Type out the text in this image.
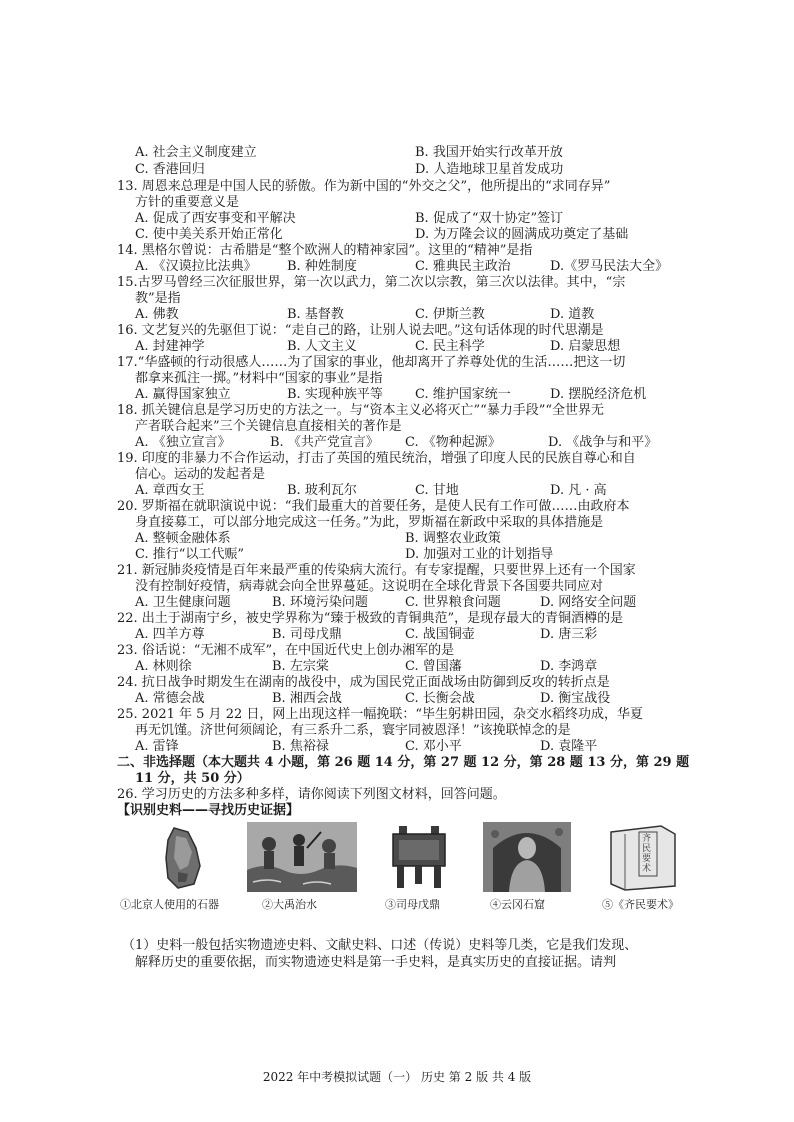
A. 社会主义制度建立	B. 我国开始实行改革开放
C. 香港回归	D. 人造地球卫星首发成功
13. 周恩来总理是中国人民的骄傲。作为新中国的“外交之父”，他所提出的“求同存异”
方针的重要意义是
A. 促成了西安事变和平解决	B. 促成了“双十协定”签订
C. 使中美关系开始正常化	D. 为万隆会议的圆满成功奠定了基础
14. 黑格尔曾说：古希腊是“整个欧洲人的精神家园”。这里的“精神”是指
A. 《汉谟拉比法典》 B. 种姓制度	C. 雅典民主政治	D.《罗马民法大全》
15.古罗马曾经三次征服世界，第一次以武力，第二次以宗教，第三次以法律。其中，“宗
教”是指
A. 佛教	B. 基督教	C. 伊斯兰教	D. 道教
16. 文艺复兴的先驱但丁说：“走自己的路，让别人说去吧。”这句话体现的时代思潮是
A. 封建神学	B. 人文主义	C. 民主科学	D. 启蒙思想
17.“华盛顿的行动很感人……为了国家的事业，他却离开了养尊处优的生活……把这一切
都拿来孤注一掷。”材料中“国家的事业”是指
A. 赢得国家独立	B. 实现种族平等 C. 维护国家统一	D. 摆脱经济危机
18. 抓关键信息是学习历史的方法之一。与“资本主义必将灭亡”“暴力手段”“全世界无
产者联合起来”三个关键信息直接相关的著作是
A. 《独立宣言》	B. 《共产党宣言》 C. 《物种起源》	D. 《战争与和平》
19. 印度的非暴力不合作运动，打击了英国的殖民统治，增强了印度人民的民族自尊心和自
信心。运动的发起者是
A. 章西女王	B. 玻利瓦尔	C. 甘地	D. 凡 · 高
20. 罗斯福在就职演说中说：“我们最重大的首要任务，是使人民有工作可做……由政府本
身直接募工，可以部分地完成这一任务。”为此，罗斯福在新政中采取的具体措施是
A. 整顿金融体系	B. 调整农业政策
C. 推行“以工代赈”	D. 加强对工业的计划指导
21. 新冠肺炎疫情是百年来最严重的传染病大流行。有专家提醒，只要世界上还有一个国家
没有控制好疫情，病毒就会向全世界蔓延。这说明在全球化背景下各国要共同应对
A. 卫生健康问题	B. 环境污染问题	C. 世界粮食问题	D. 网络安全问题
22. 出土于湖南宁乡，被史学界称为“臻于极致的青铜典范”，是现存最大的青铜酒樽的是
A. 四羊方尊	B. 司母戊鼎	C. 战国铜壶	D. 唐三彩
23. 俗话说：“无湘不成军”，在中国近代史上创办湘军的是
A. 林则徐	B. 左宗棠	C. 曾国藩	D. 李鸿章
24. 抗日战争时期发生在湖南的战役中，成为国民党正面战场由防御到反攻的转折点是
A. 常德会战	B. 湘西会战	C. 长衡会战	D. 衡宝战役
25. 2021 年 5 月 22 日，网上出现这样一幅挽联：“毕生躬耕田园，杂交水稻终功成，华夏
再无饥馑。济世何须阔论，有三系升二系，寰宇同被恩泽！”该挽联悼念的是
A. 雷锋	B. 焦裕禄	C. 邓小平	D. 袁隆平
二、非选择题（本大题共 4 小题，第 26 题 14 分，第 27 题 12 分，第 28 题 13 分，第 29 题
11 分，共 50 分）
26. 学习历史的方法多种多样，请你阅读下列图文材料，回答问题。
【识别史料——寻找历史证据】
齐民要术
①北京人使用的石器	②大禹治水	③司母戊鼎	④云冈石窟	⑤《齐民要术》
（1）史料一般包括实物遗迹史料、文献史料、口述（传说）史料等几类，它是我们发现、
解释历史的重要依据，而实物遗迹史料是第一手史料，是真实历史的直接证据。请判
2022 年中考模拟试题（一） 历史 第 2 版 共 4 版
